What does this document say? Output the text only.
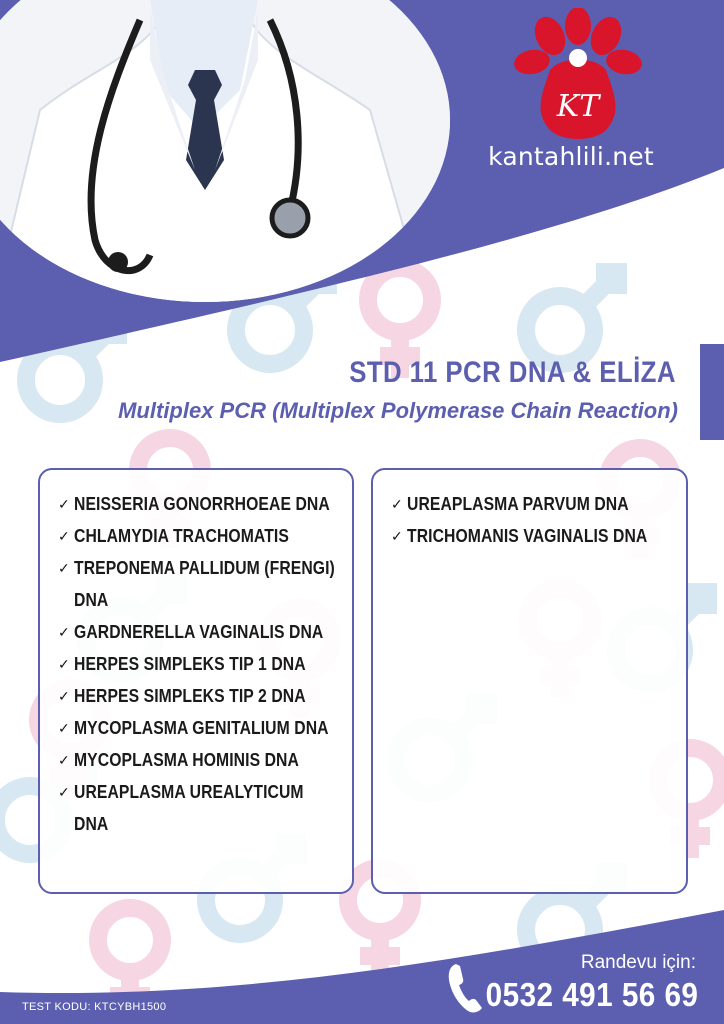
KT
kantahlili.net
STD 11 PCR DNA & ELİZA
Multiplex PCR (Multiplex Polymerase Chain Reaction)
✓ NEISSERIA GONORRHOEAE DNA
✓ CHLAMYDIA TRACHOMATIS
✓ TREPONEMA PALLIDUM (FRENGI) DNA
✓ GARDNERELLA VAGINALIS DNA
✓ HERPES SIMPLEKS TIP 1 DNA
✓ HERPES SIMPLEKS TIP 2 DNA
✓ MYCOPLASMA GENITALIUM DNA
✓ MYCOPLASMA HOMINIS DNA
✓ UREAPLASMA UREALYTICUM DNA
✓ UREAPLASMA PARVUM DNA
✓ TRICHOMANIS VAGINALIS DNA
Randevu için:
0532 491 56 69
TEST KODU: KTCYBH1500
